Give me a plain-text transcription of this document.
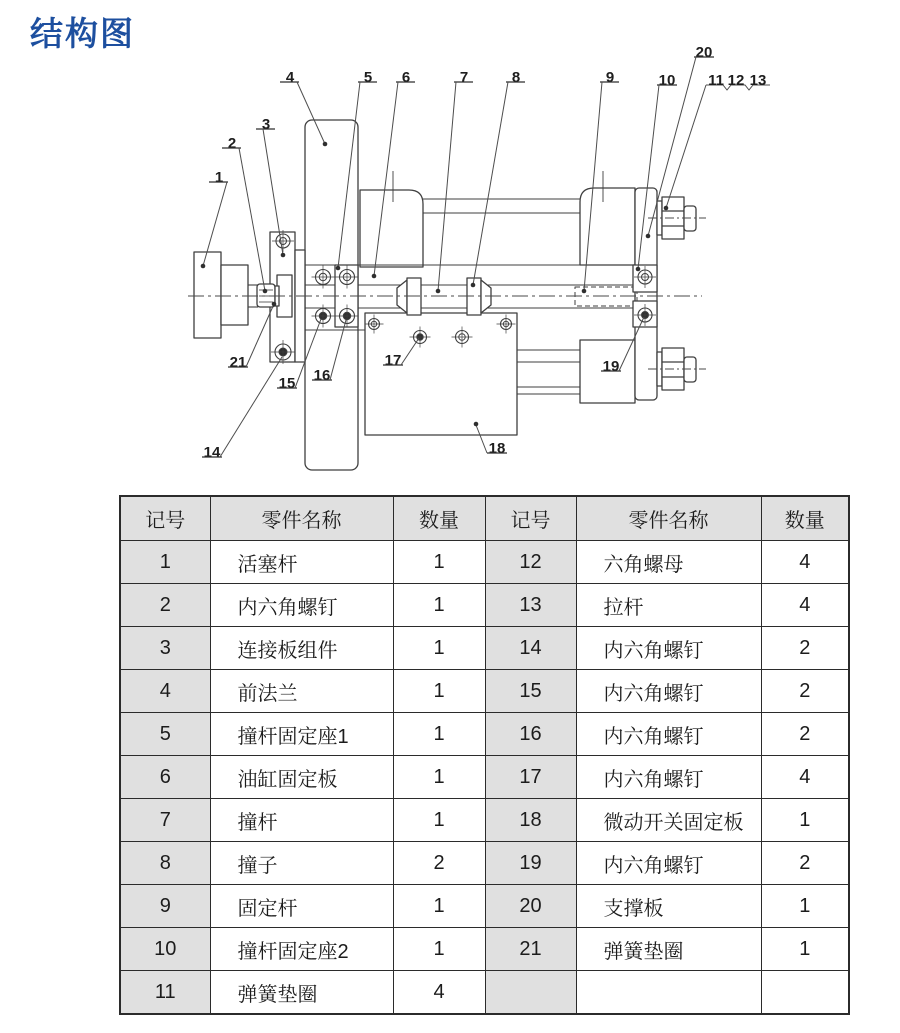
结构图
1
2
3
4	5 6	7	8	9	10 11 12 13
14
15 16
17
18
19
20
21
记号	零件名称	数量	记号	零件名称	数量
1	活塞杆	1	12	六角螺母	4
2	内六角螺钉	1	13	拉杆	4
3	连接板组件	1	14	内六角螺钉	2
4	前法兰	1	15	内六角螺钉	2
5	撞杆固定座1	1	16	内六角螺钉	2
6	油缸固定板	1	17	内六角螺钉	4
7	撞杆	1	18	微动开关固定板	1
8	撞子	2	19	内六角螺钉	2
9	固定杆	1	20	支撑板	1
10	撞杆固定座2	1	21	弹簧垫圈	1
11	弹簧垫圈	4			
